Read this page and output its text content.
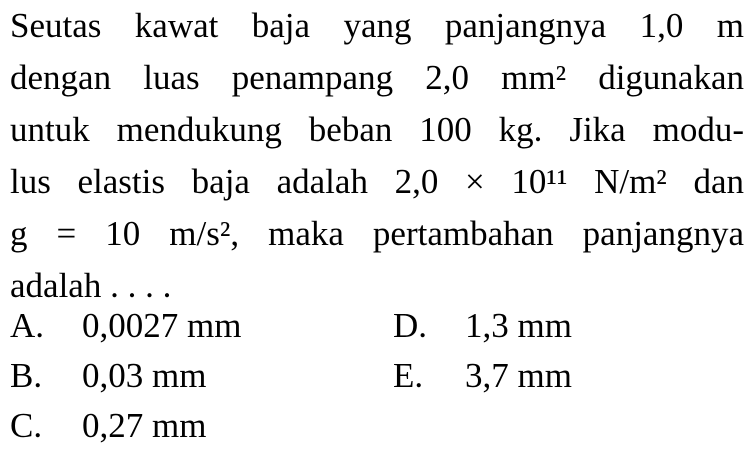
Seutas kawat baja yang panjangnya 1,0 m
dengan luas penampang 2,0 mm² digunakan
untuk mendukung beban 100 kg. Jika modu-
lus elastis baja adalah 2,0 × 10¹¹ N/m² dan
g = 10 m/s², maka pertambahan panjangnya
adalah . . . .
A. 0,0027 mm
B. 0,03 mm
C. 0,27 mm
D. 1,3 mm
E. 3,7 mm
